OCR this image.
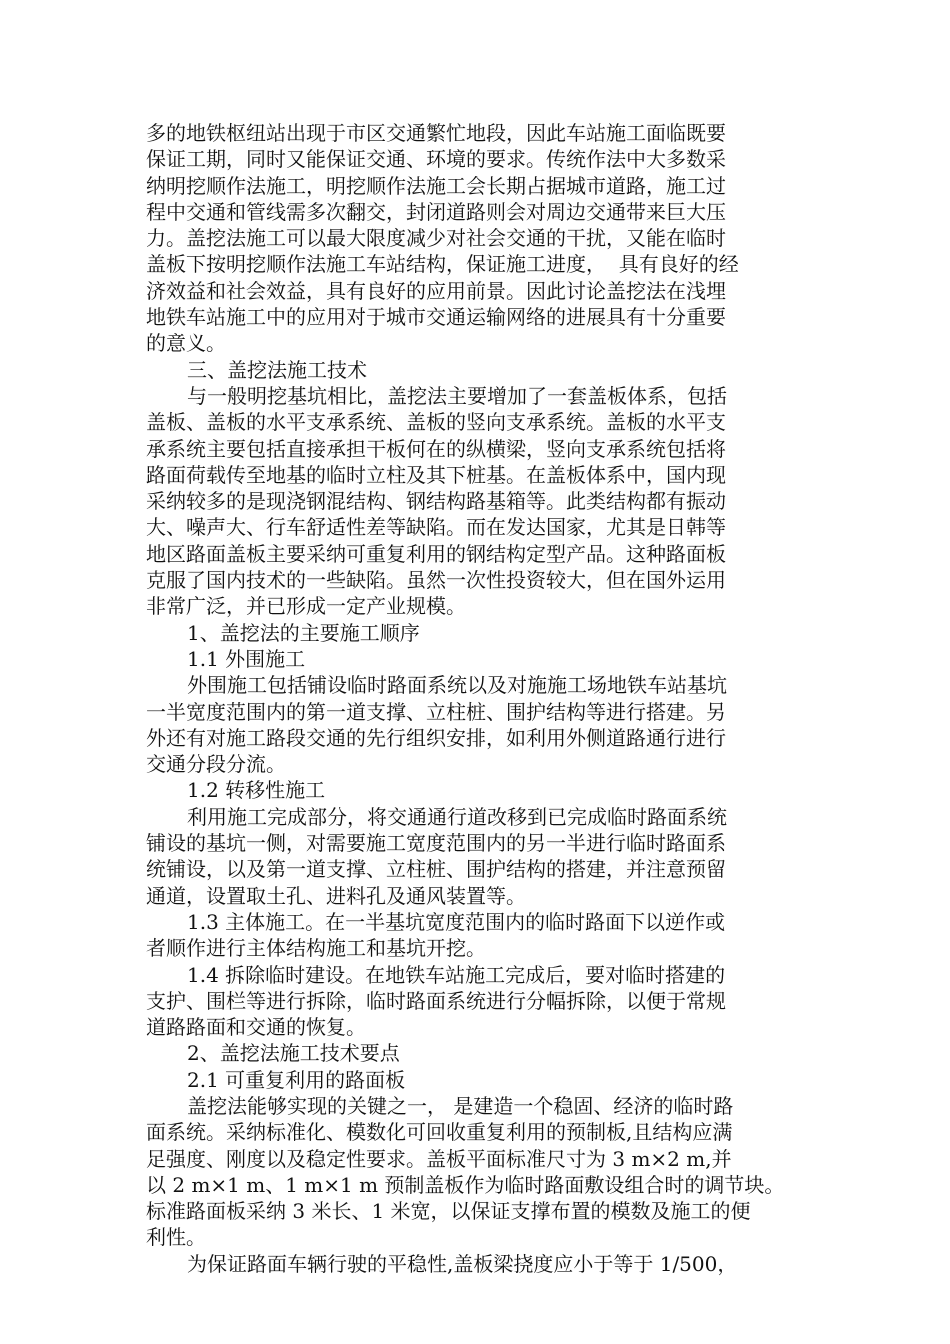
多的地铁枢纽站出现于市区交通繁忙地段，因此车站施工面临既要
保证工期，同时又能保证交通、环境的要求。传统作法中大多数采
纳明挖顺作法施工，明挖顺作法施工会长期占据城市道路，施工过
程中交通和管线需多次翻交，封闭道路则会对周边交通带来巨大压
力。盖挖法施工可以最大限度减少对社会交通的干扰，又能在临时
盖板下按明挖顺作法施工车站结构，保证施工进度，  具有良好的经
济效益和社会效益，具有良好的应用前景。因此讨论盖挖法在浅埋
地铁车站施工中的应用对于城市交通运输网络的进展具有十分重要
的意义。
三、盖挖法施工技术
与一般明挖基坑相比，盖挖法主要增加了一套盖板体系，包括
盖板、盖板的水平支承系统、盖板的竖向支承系统。盖板的水平支
承系统主要包括直接承担干板何在的纵横梁，竖向支承系统包括将
路面荷载传至地基的临时立柱及其下桩基。在盖板体系中，国内现
采纳较多的是现浇钢混结构、钢结构路基箱等。此类结构都有振动
大、噪声大、行车舒适性差等缺陷。而在发达国家，尤其是日韩等
地区路面盖板主要采纳可重复利用的钢结构定型产品。这种路面板
克服了国内技术的一些缺陷。虽然一次性投资较大，但在国外运用
非常广泛，并已形成一定产业规模。
1、盖挖法的主要施工顺序
1.1 外围施工
外围施工包括铺设临时路面系统以及对施施工场地铁车站基坑
一半宽度范围内的第一道支撑、立柱桩、围护结构等进行搭建。另
外还有对施工路段交通的先行组织安排，如利用外侧道路通行进行
交通分段分流。
1.2 转移性施工
利用施工完成部分，将交通通行道改移到已完成临时路面系统
铺设的基坑一侧，对需要施工宽度范围内的另一半进行临时路面系
统铺设，以及第一道支撑、立柱桩、围护结构的搭建，并注意预留
通道，设置取土孔、进料孔及通风装置等。
1.3 主体施工。在一半基坑宽度范围内的临时路面下以逆作或
者顺作进行主体结构施工和基坑开挖。
1.4 拆除临时建设。在地铁车站施工完成后，要对临时搭建的
支护、围栏等进行拆除，临时路面系统进行分幅拆除，以便于常规
道路路面和交通的恢复。
2、盖挖法施工技术要点
2.1 可重复利用的路面板
盖挖法能够实现的关键之一， 是建造一个稳固、经济的临时路
面系统。采纳标准化、模数化可回收重复利用的预制板,且结构应满
足强度、刚度以及稳定性要求。盖板平面标准尺寸为 3 m×2 m,并
以 2 m×1 m、1 m×1 m 预制盖板作为临时路面敷设组合时的调节块。
标准路面板采纳 3 米长、1 米宽，以保证支撑布置的模数及施工的便
利性。
为保证路面车辆行驶的平稳性,盖板梁挠度应小于等于 1/500，
